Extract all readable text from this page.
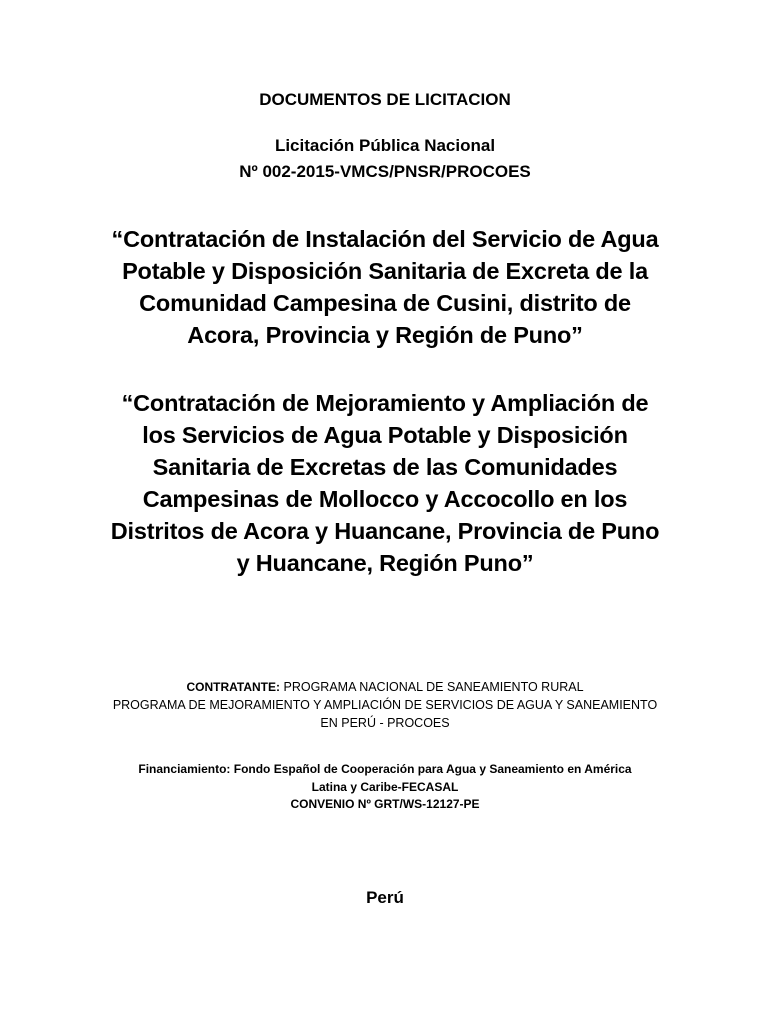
DOCUMENTOS DE LICITACION
Licitación Pública Nacional
Nº 002-2015-VMCS/PNSR/PROCOES
“Contratación de Instalación del Servicio de Agua
Potable y Disposición Sanitaria de Excreta de la
Comunidad Campesina de Cusini, distrito de
Acora, Provincia y Región de Puno”
“Contratación de Mejoramiento y Ampliación de
los Servicios de Agua Potable y Disposición
Sanitaria de Excretas de las Comunidades
Campesinas de Mollocco y Accocollo en los
Distritos de Acora y Huancane, Provincia de Puno
y Huancane, Región Puno”
CONTRATANTE: PROGRAMA NACIONAL DE SANEAMIENTO RURAL
PROGRAMA DE MEJORAMIENTO Y AMPLIACIÓN DE SERVICIOS DE AGUA Y SANEAMIENTO
EN PERÚ - PROCOES
Financiamiento: Fondo Español de Cooperación para Agua y Saneamiento en América
Latina y Caribe-FECASAL
CONVENIO Nº GRT/WS-12127-PE
Perú
